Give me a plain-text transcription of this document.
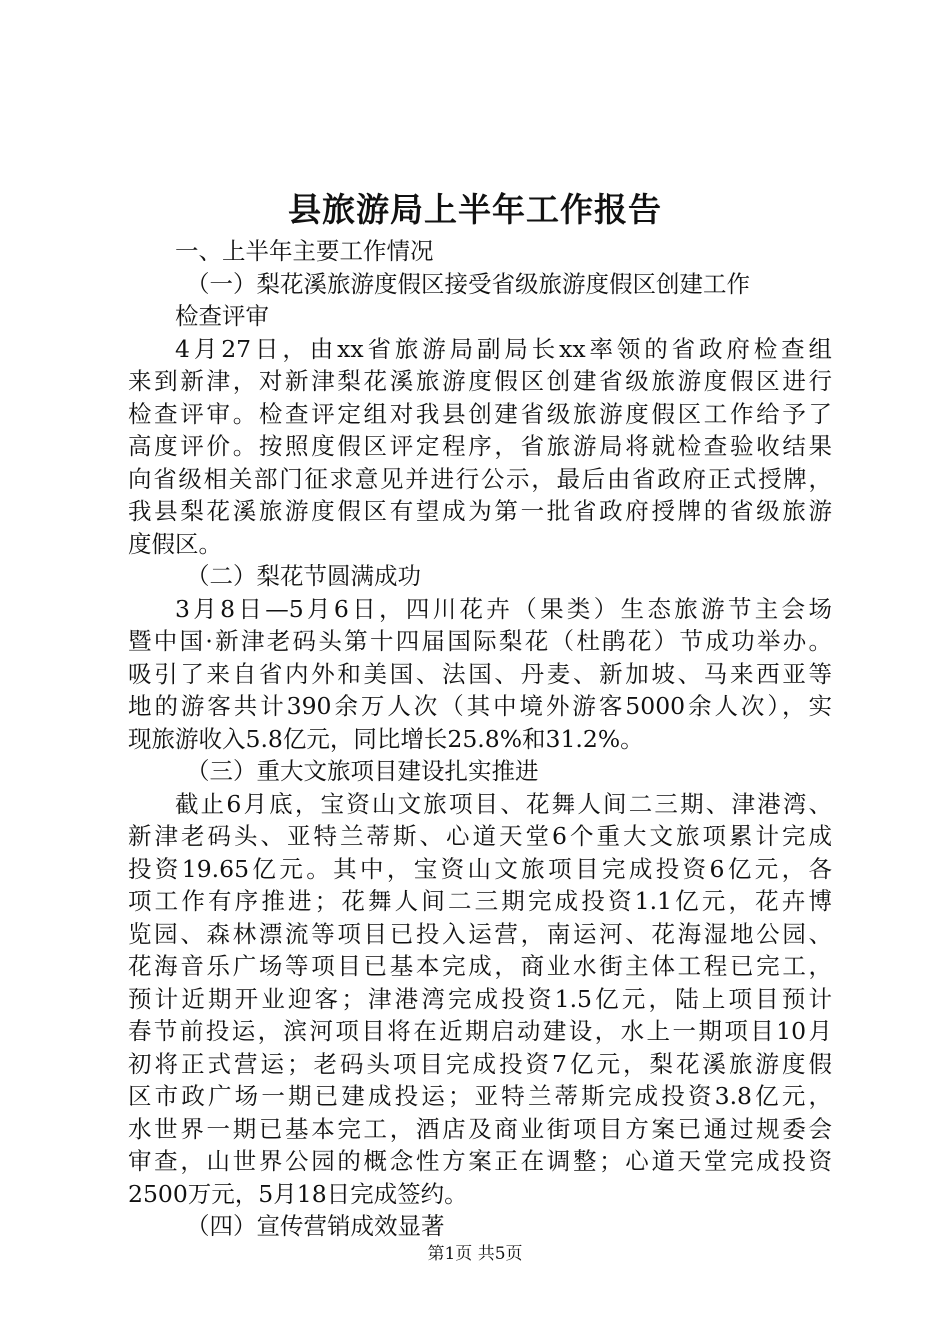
县旅游局上半年工作报告
一、上半年主要工作情况
（一）梨花溪旅游度假区接受省级旅游度假区创建工作
检查评审
4月27日，由xx省旅游局副局长xx率领的省政府检查组
来到新津，对新津梨花溪旅游度假区创建省级旅游度假区进行
检查评审。检查评定组对我县创建省级旅游度假区工作给予了
高度评价。按照度假区评定程序，省旅游局将就检查验收结果
向省级相关部门征求意见并进行公示，最后由省政府正式授牌，
我县梨花溪旅游度假区有望成为第一批省政府授牌的省级旅游
度假区。
（二）梨花节圆满成功
3月8日—5月6日，四川花卉（果类）生态旅游节主会场
暨中国·新津老码头第十四届国际梨花（杜鹃花）节成功举办。
吸引了来自省内外和美国、法国、丹麦、新加坡、马来西亚等
地的游客共计390余万人次（其中境外游客5000余人次），实
现旅游收入5.8亿元，同比增长25.8%和31.2%。
（三）重大文旅项目建设扎实推进
截止6月底，宝资山文旅项目、花舞人间二三期、津港湾、
新津老码头、亚特兰蒂斯、心道天堂6个重大文旅项累计完成
投资19.65亿元。其中，宝资山文旅项目完成投资6亿元，各
项工作有序推进；花舞人间二三期完成投资1.1亿元，花卉博
览园、森林漂流等项目已投入运营，南运河、花海湿地公园、
花海音乐广场等项目已基本完成，商业水街主体工程已完工，
预计近期开业迎客；津港湾完成投资1.5亿元，陆上项目预计
春节前投运，滨河项目将在近期启动建设，水上一期项目10月
初将正式营运；老码头项目完成投资7亿元，梨花溪旅游度假
区市政广场一期已建成投运；亚特兰蒂斯完成投资3.8亿元，
水世界一期已基本完工，酒店及商业街项目方案已通过规委会
审查，山世界公园的概念性方案正在调整；心道天堂完成投资
2500万元，5月18日完成签约。
（四）宣传营销成效显著
第1页 共5页
